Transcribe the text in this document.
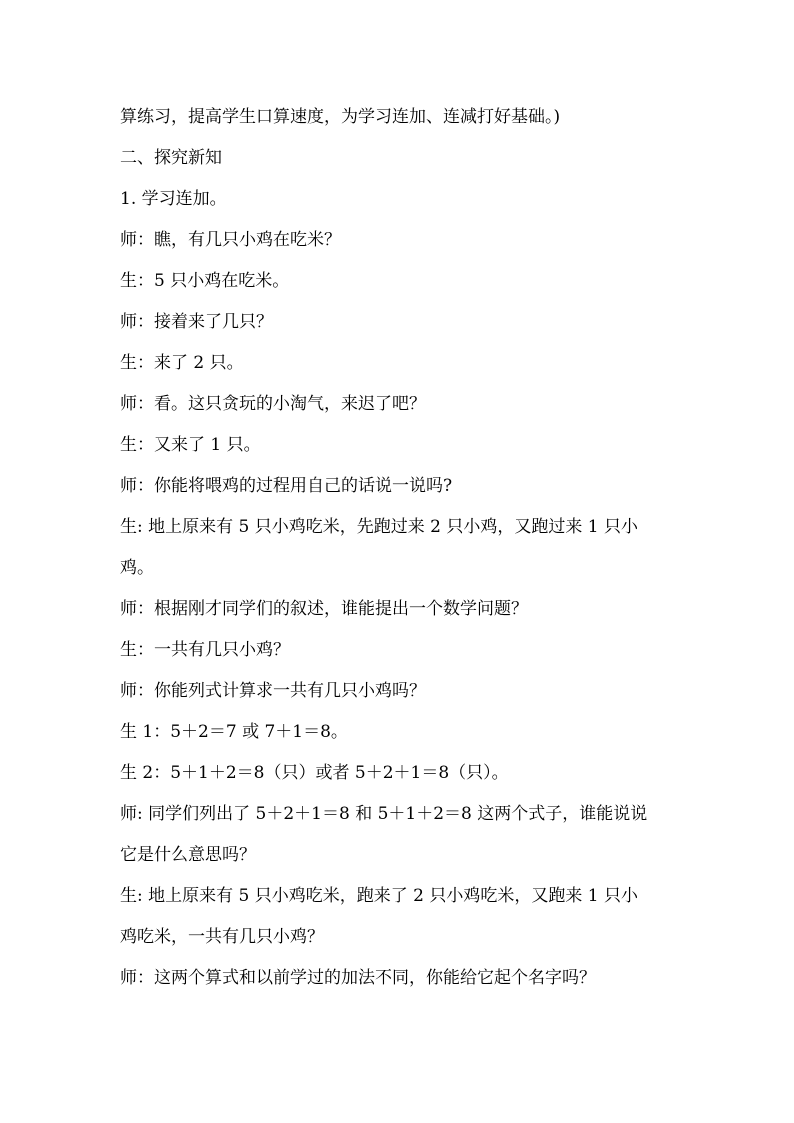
算练习，提高学生口算速度，为学习连加、连减打好基础。)
二、探究新知
1. 学习连加。
师：瞧，有几只小鸡在吃米？
生：5 只小鸡在吃米。
师：接着来了几只？
生：来了 2 只。
师：看。这只贪玩的小淘气，来迟了吧？
生：又来了 1 只。
师：你能将喂鸡的过程用自己的话说一说吗?
生: 地上原来有 5 只小鸡吃米，先跑过来 2 只小鸡，又跑过来 1 只小
鸡。
师：根据刚才同学们的叙述，谁能提出一个数学问题？
生：一共有几只小鸡？
师：你能列式计算求一共有几只小鸡吗？
生 1：5＋2＝7 或 7＋1＝8。
生 2：5＋1＋2＝8（只）或者 5＋2＋1＝8（只）。
师: 同学们列出了 5＋2＋1＝8 和 5＋1＋2＝8 这两个式子，谁能说说
它是什么意思吗？
生: 地上原来有 5 只小鸡吃米，跑来了 2 只小鸡吃米，又跑来 1 只小
鸡吃米，一共有几只小鸡？
师：这两个算式和以前学过的加法不同，你能给它起个名字吗？
